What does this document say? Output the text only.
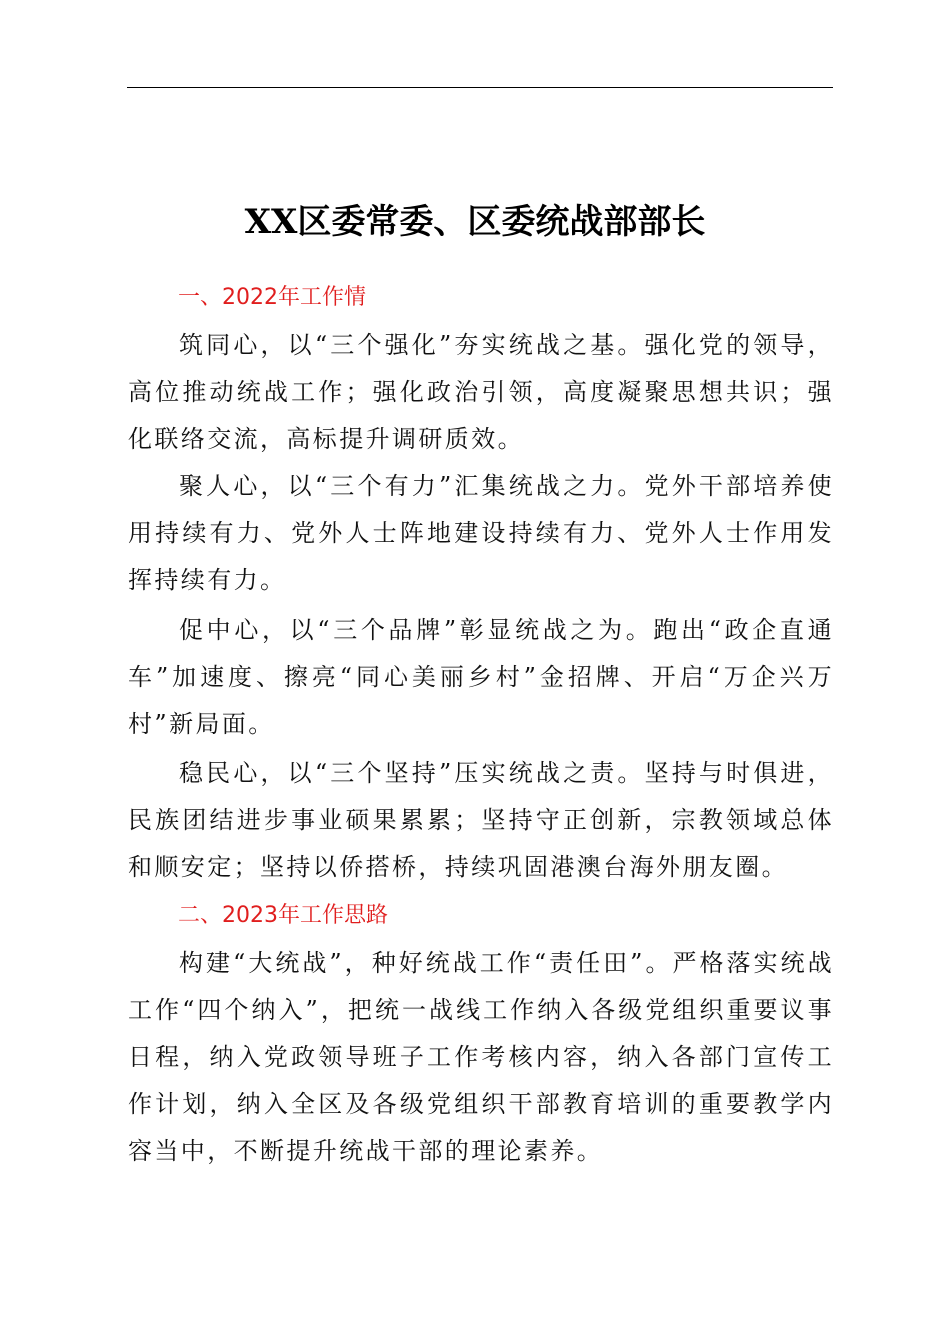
XX区委常委、区委统战部部长
一、2022年工作情

筑同心，以“三个强化”夯实统战之基。强化党的领导，高位推动统战工作；强化政治引领，高度凝聚思想共识；强化联络交流，高标提升调研质效。

聚人心，以“三个有力”汇集统战之力。党外干部培养使用持续有力、党外人士阵地建设持续有力、党外人士作用发挥持续有力。

促中心，以“三个品牌”彰显统战之为。跑出“政企直通车”加速度、擦亮“同心美丽乡村”金招牌、开启“万企兴万村”新局面。

稳民心，以“三个坚持”压实统战之责。坚持与时俱进，民族团结进步事业硕果累累；坚持守正创新，宗教领域总体和顺安定；坚持以侨搭桥，持续巩固港澳台海外朋友圈。

二、2023年工作思路

构建“大统战”，种好统战工作“责任田”。严格落实统战工作“四个纳入”，把统一战线工作纳入各级党组织重要议事日程，纳入党政领导班子工作考核内容，纳入各部门宣传工作计划，纳入全区及各级党组织干部教育培训的重要教学内容当中，不断提升统战干部的理论素养。
